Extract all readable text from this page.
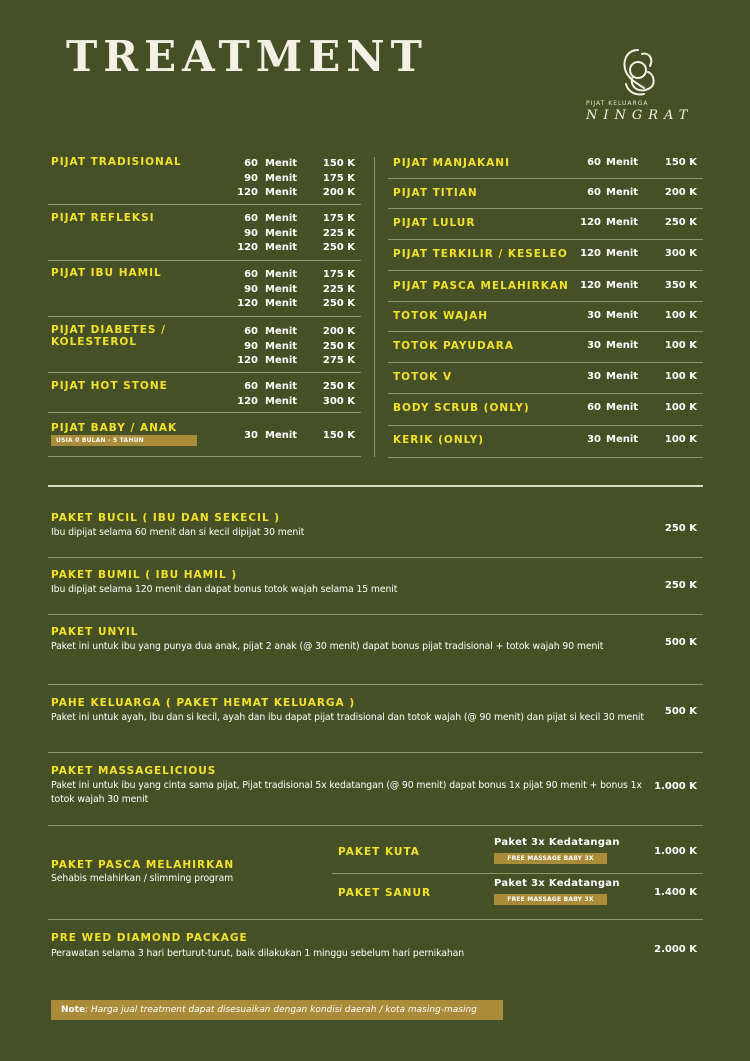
TREATMENT
PIJAT KELUARGA
NINGRAT
PIJAT TRADISIONAL	60 Menit	150 K
90 Menit	175 K
120 Menit	200 K
PIJAT REFLEKSI	60 Menit	175 K
90 Menit	225 K
120 Menit	250 K
PIJAT IBU HAMIL	60 Menit	175 K
90 Menit	225 K
120 Menit	250 K
PIJAT DIABETES /
KOLESTEROL
60 Menit	200 K
90 Menit	250 K
120 Menit	275 K
PIJAT HOT STONE	60 Menit	250 K
120 Menit	300 K
PIJAT BABY / ANAK
USIA 0 BULAN - 5 TAHUN	30 Menit	150 K
PIJAT MANJAKANI	60 Menit	150 K
PIJAT TITIAN	60 Menit	200 K
PIJAT LULUR	120 Menit	250 K
PIJAT TERKILIR / KESELEO	120 Menit	300 K
PIJAT PASCA MELAHIRKAN	120 Menit	350 K
TOTOK WAJAH	30 Menit	100 K
TOTOK PAYUDARA	30 Menit	100 K
TOTOK V	30 Menit	100 K
BODY SCRUB (ONLY)	60 Menit	100 K
KERIK (ONLY)	30 Menit	100 K
PAKET BUCIL ( IBU DAN SEKECIL )
Ibu dipijat selama 60 menit dan si kecil dipijat 30 menit	250 K
PAKET BUMIL ( IBU HAMIL )
Ibu dipijat selama 120 menit dan dapat bonus totok wajah selama 15 menit	250 K
PAKET UNYIL
Paket ini untuk ibu yang punya dua anak, pijat 2 anak (@ 30 menit) dapat bonus pijat tradisional + totok wajah 90 menit	500 K
PAHE KELUARGA ( PAKET HEMAT KELUARGA )
Paket ini untuk ayah, ibu dan si kecil, ayah dan ibu dapat pijat tradisional dan totok wajah (@ 90 menit) dan pijat si kecil 30 menit
500 K
PAKET MASSAGELICIOUS
Paket ini untuk ibu yang cinta sama pijat, Pijat tradisional 5x kedatangan (@ 90 menit) dapat bonus 1x pijat 90 menit + bonus 1x totok wajah 30 menit
1.000 K
PAKET PASCA MELAHIRKAN
Sehabis melahirkan / slimming program
PAKET KUTA
Paket 3x Kedatangan
FREE MASSAGE BABY 3X
1.000 K
PAKET SANUR
Paket 3x Kedatangan
FREE MASSAGE BABY 3X
1.400 K
PRE WED DIAMOND PACKAGE
Perawatan selama 3 hari berturut-turut, baik dilakukan 1 minggu sebelum hari pernikahan	2.000 K
Note: Harga jual treatment dapat disesuaikan dengan kondisi daerah / kota masing-masing
